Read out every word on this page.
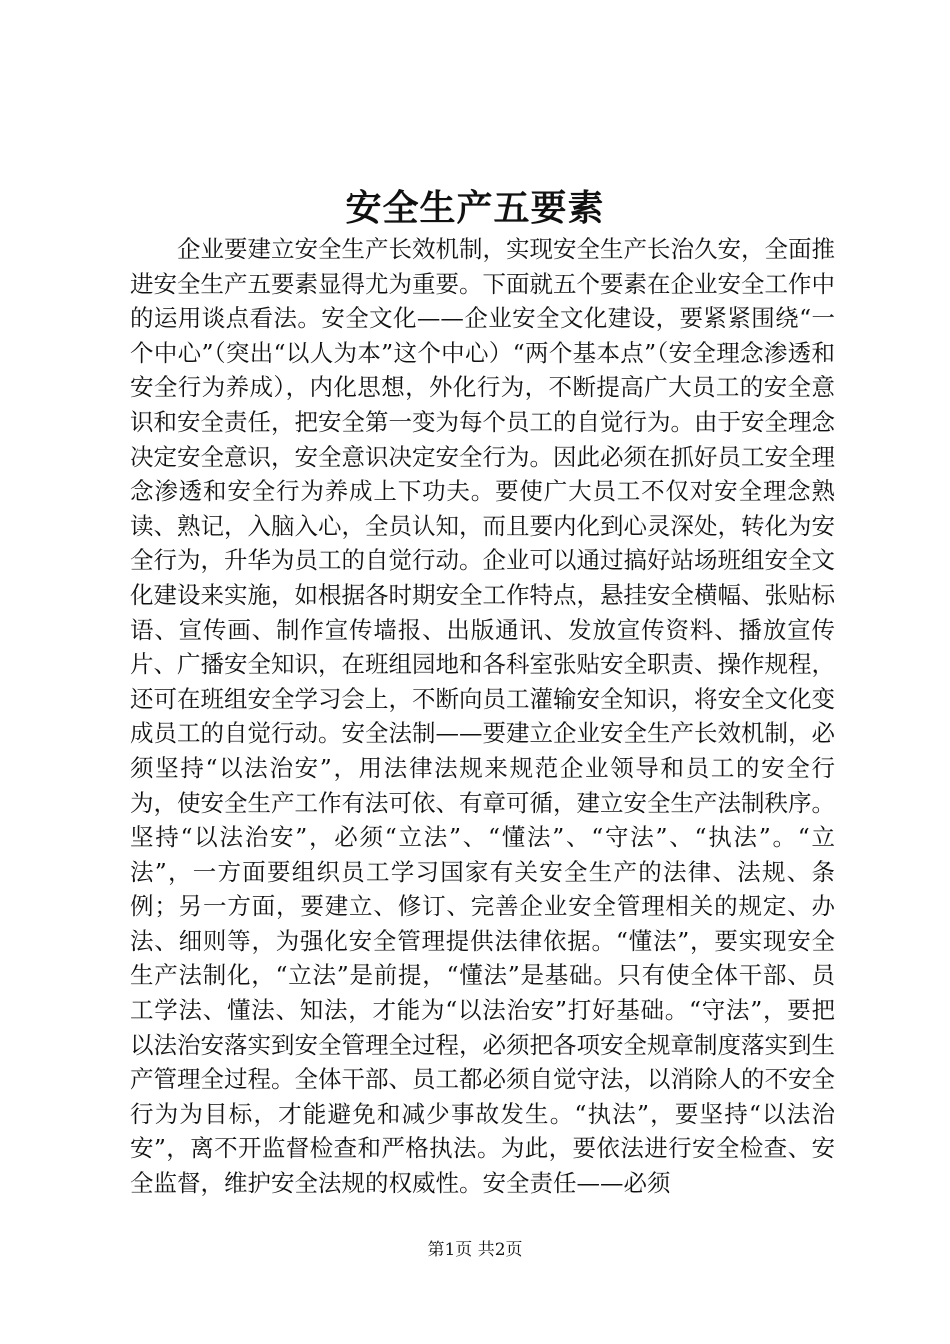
安全生产五要素

企业要建立安全生产长效机制，实现安全生产长治久安，全面推进安全生产五要素显得尤为重要。下面就五个要素在企业安全工作中的运用谈点看法。安全文化——企业安全文化建设，要紧紧围绕“一个中心”（突出“以人为本”这个中心）“两个基本点”（安全理念渗透和安全行为养成），内化思想，外化行为，不断提高广大员工的安全意识和安全责任，把安全第一变为每个员工的自觉行为。由于安全理念决定安全意识，安全意识决定安全行为。因此必须在抓好员工安全理念渗透和安全行为养成上下功夫。要使广大员工不仅对安全理念熟读、熟记，入脑入心，全员认知，而且要内化到心灵深处，转化为安全行为，升华为员工的自觉行动。企业可以通过搞好站场班组安全文化建设来实施，如根据各时期安全工作特点，悬挂安全横幅、张贴标语、宣传画、制作宣传墙报、出版通讯、发放宣传资料、播放宣传片、广播安全知识，在班组园地和各科室张贴安全职责、操作规程，还可在班组安全学习会上，不断向员工灌输安全知识，将安全文化变成员工的自觉行动。安全法制——要建立企业安全生产长效机制，必须坚持“以法治安”，用法律法规来规范企业领导和员工的安全行为，使安全生产工作有法可依、有章可循，建立安全生产法制秩序。坚持“以法治安”，必须“立法”、“懂法”、“守法”、“执法”。“立法”，一方面要组织员工学习国家有关安全生产的法律、法规、条例；另一方面，要建立、修订、完善企业安全管理相关的规定、办法、细则等，为强化安全管理提供法律依据。“懂法”，要实现安全生产法制化，“立法”是前提，“懂法”是基础。只有使全体干部、员工学法、懂法、知法，才能为“以法治安”打好基础。“守法”，要把以法治安落实到安全管理全过程，必须把各项安全规章制度落实到生产管理全过程。全体干部、员工都必须自觉守法，以消除人的不安全行为为目标，才能避免和减少事故发生。“执法”，要坚持“以法治安”，离不开监督检查和严格执法。为此，要依法进行安全检查、安全监督，维护安全法规的权威性。安全责任——必须

第1页 共2页
